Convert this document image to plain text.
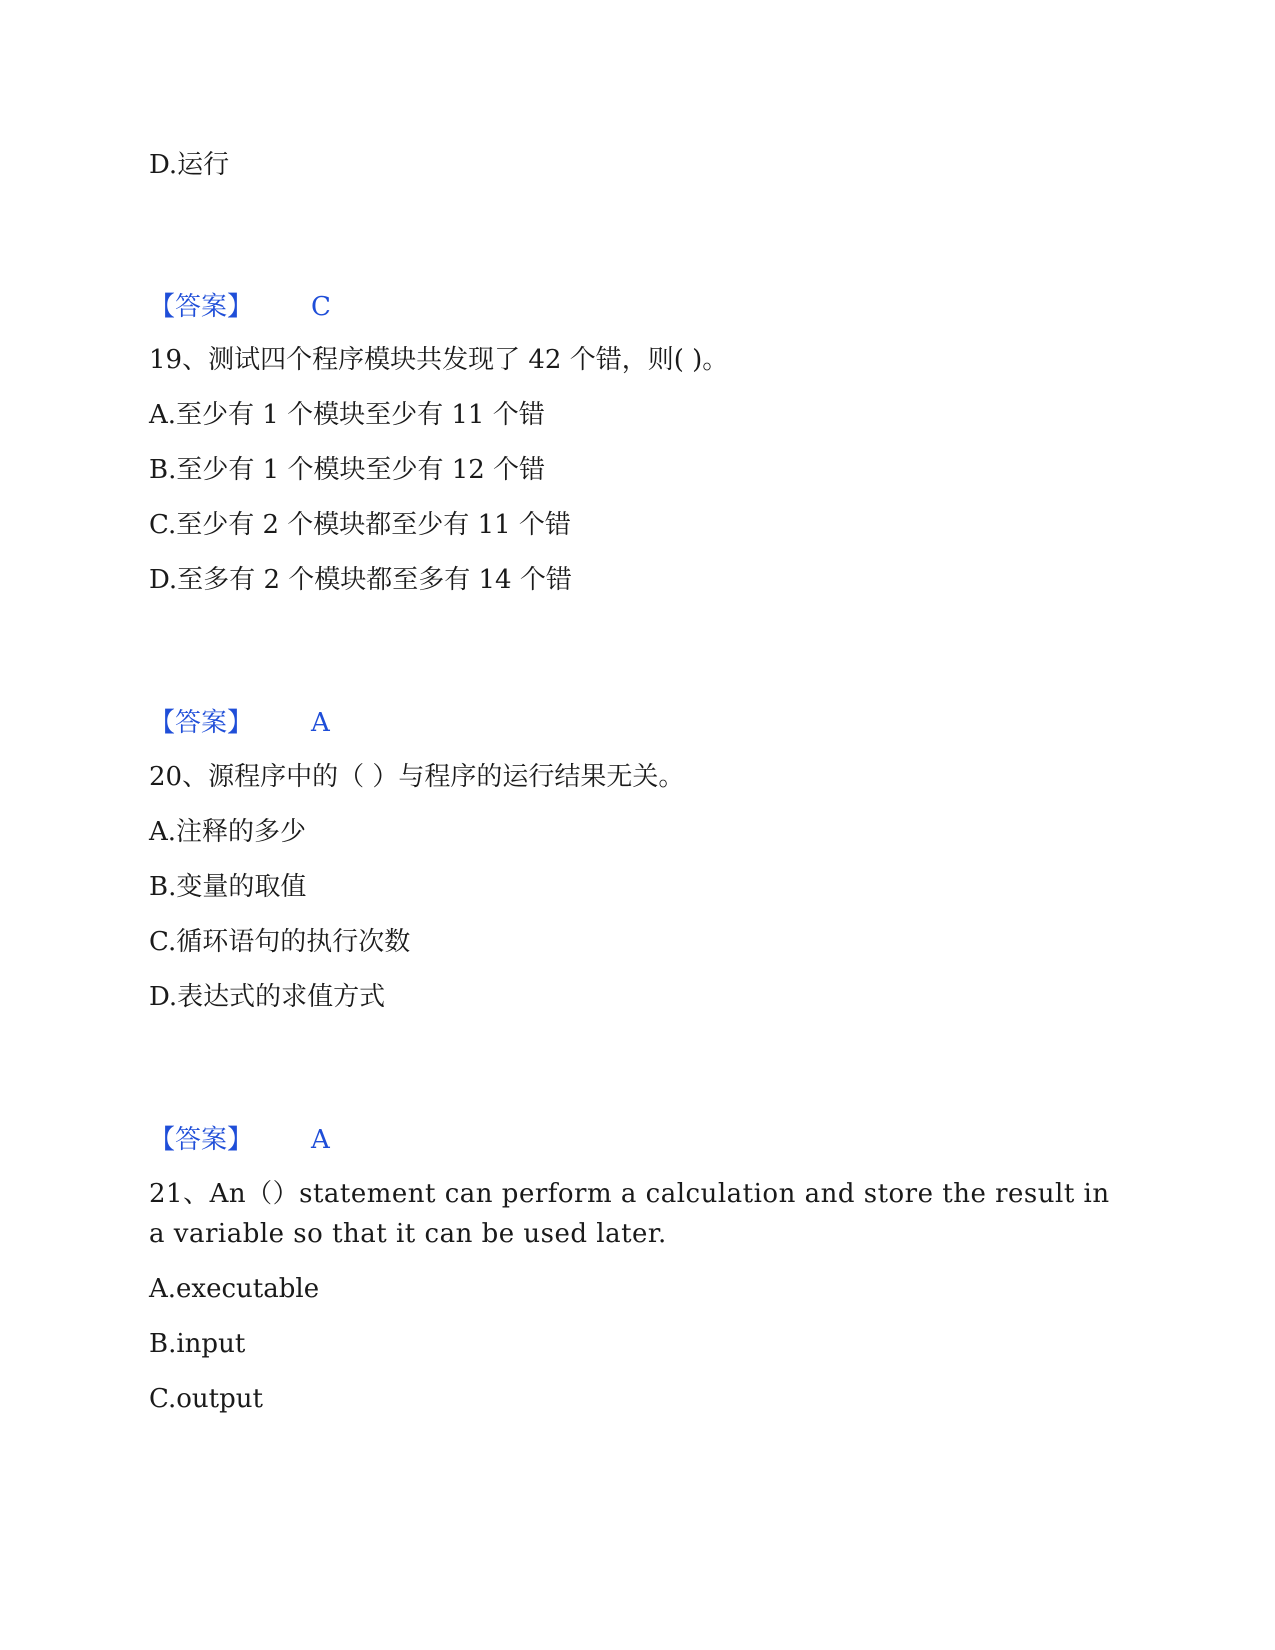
D.运行
【答案】 C
19、测试四个程序模块共发现了 42 个错，则( )。
A.至少有 1 个模块至少有 11 个错
B.至少有 1 个模块至少有 12 个错
C.至少有 2 个模块都至少有 11 个错
D.至多有 2 个模块都至多有 14 个错
【答案】 A
20、源程序中的（ ）与程序的运行结果无关。
A.注释的多少
B.变量的取值
C.循环语句的执行次数
D.表达式的求值方式
【答案】 A
21、An（）statement can perform a calculation and store the result in a variable so that it can be used later.
A.executable
B.input
C.output
